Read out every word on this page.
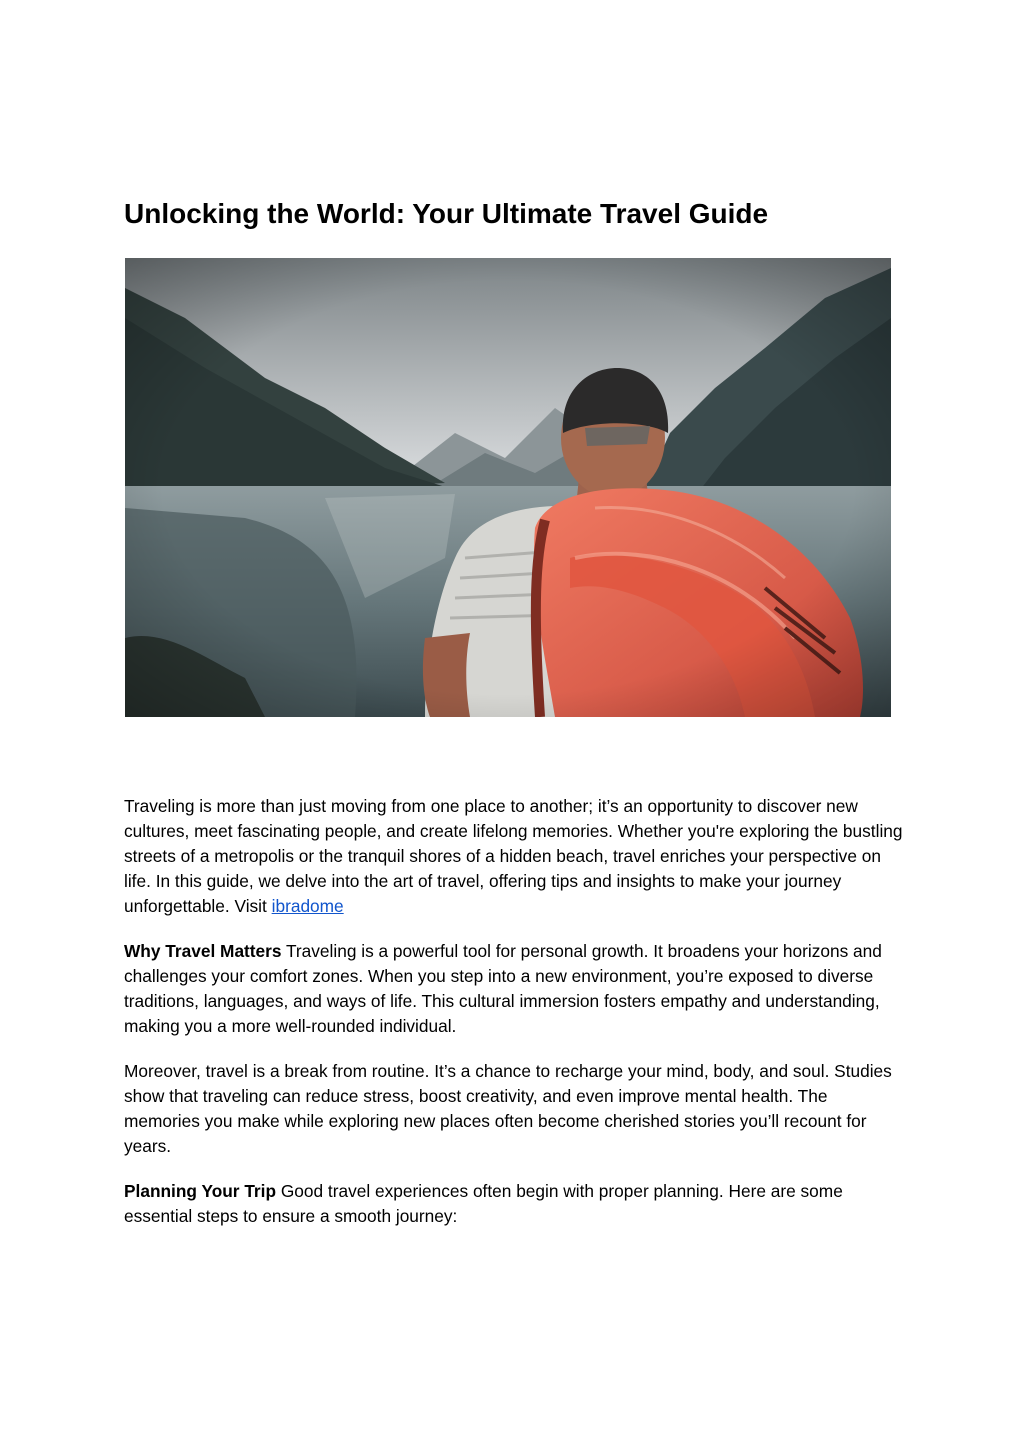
Unlocking the World: Your Ultimate Travel Guide

Traveling is more than just moving from one place to another; it’s an opportunity to discover new cultures, meet fascinating people, and create lifelong memories. Whether you're exploring the bustling streets of a metropolis or the tranquil shores of a hidden beach, travel enriches your perspective on life. In this guide, we delve into the art of travel, offering tips and insights to make your journey unforgettable. Visit ibradome

Why Travel Matters Traveling is a powerful tool for personal growth. It broadens your horizons and challenges your comfort zones. When you step into a new environment, you’re exposed to diverse traditions, languages, and ways of life. This cultural immersion fosters empathy and understanding, making you a more well-rounded individual.

Moreover, travel is a break from routine. It’s a chance to recharge your mind, body, and soul. Studies show that traveling can reduce stress, boost creativity, and even improve mental health. The memories you make while exploring new places often become cherished stories you’ll recount for years.

Planning Your Trip Good travel experiences often begin with proper planning. Here are some essential steps to ensure a smooth journey:
